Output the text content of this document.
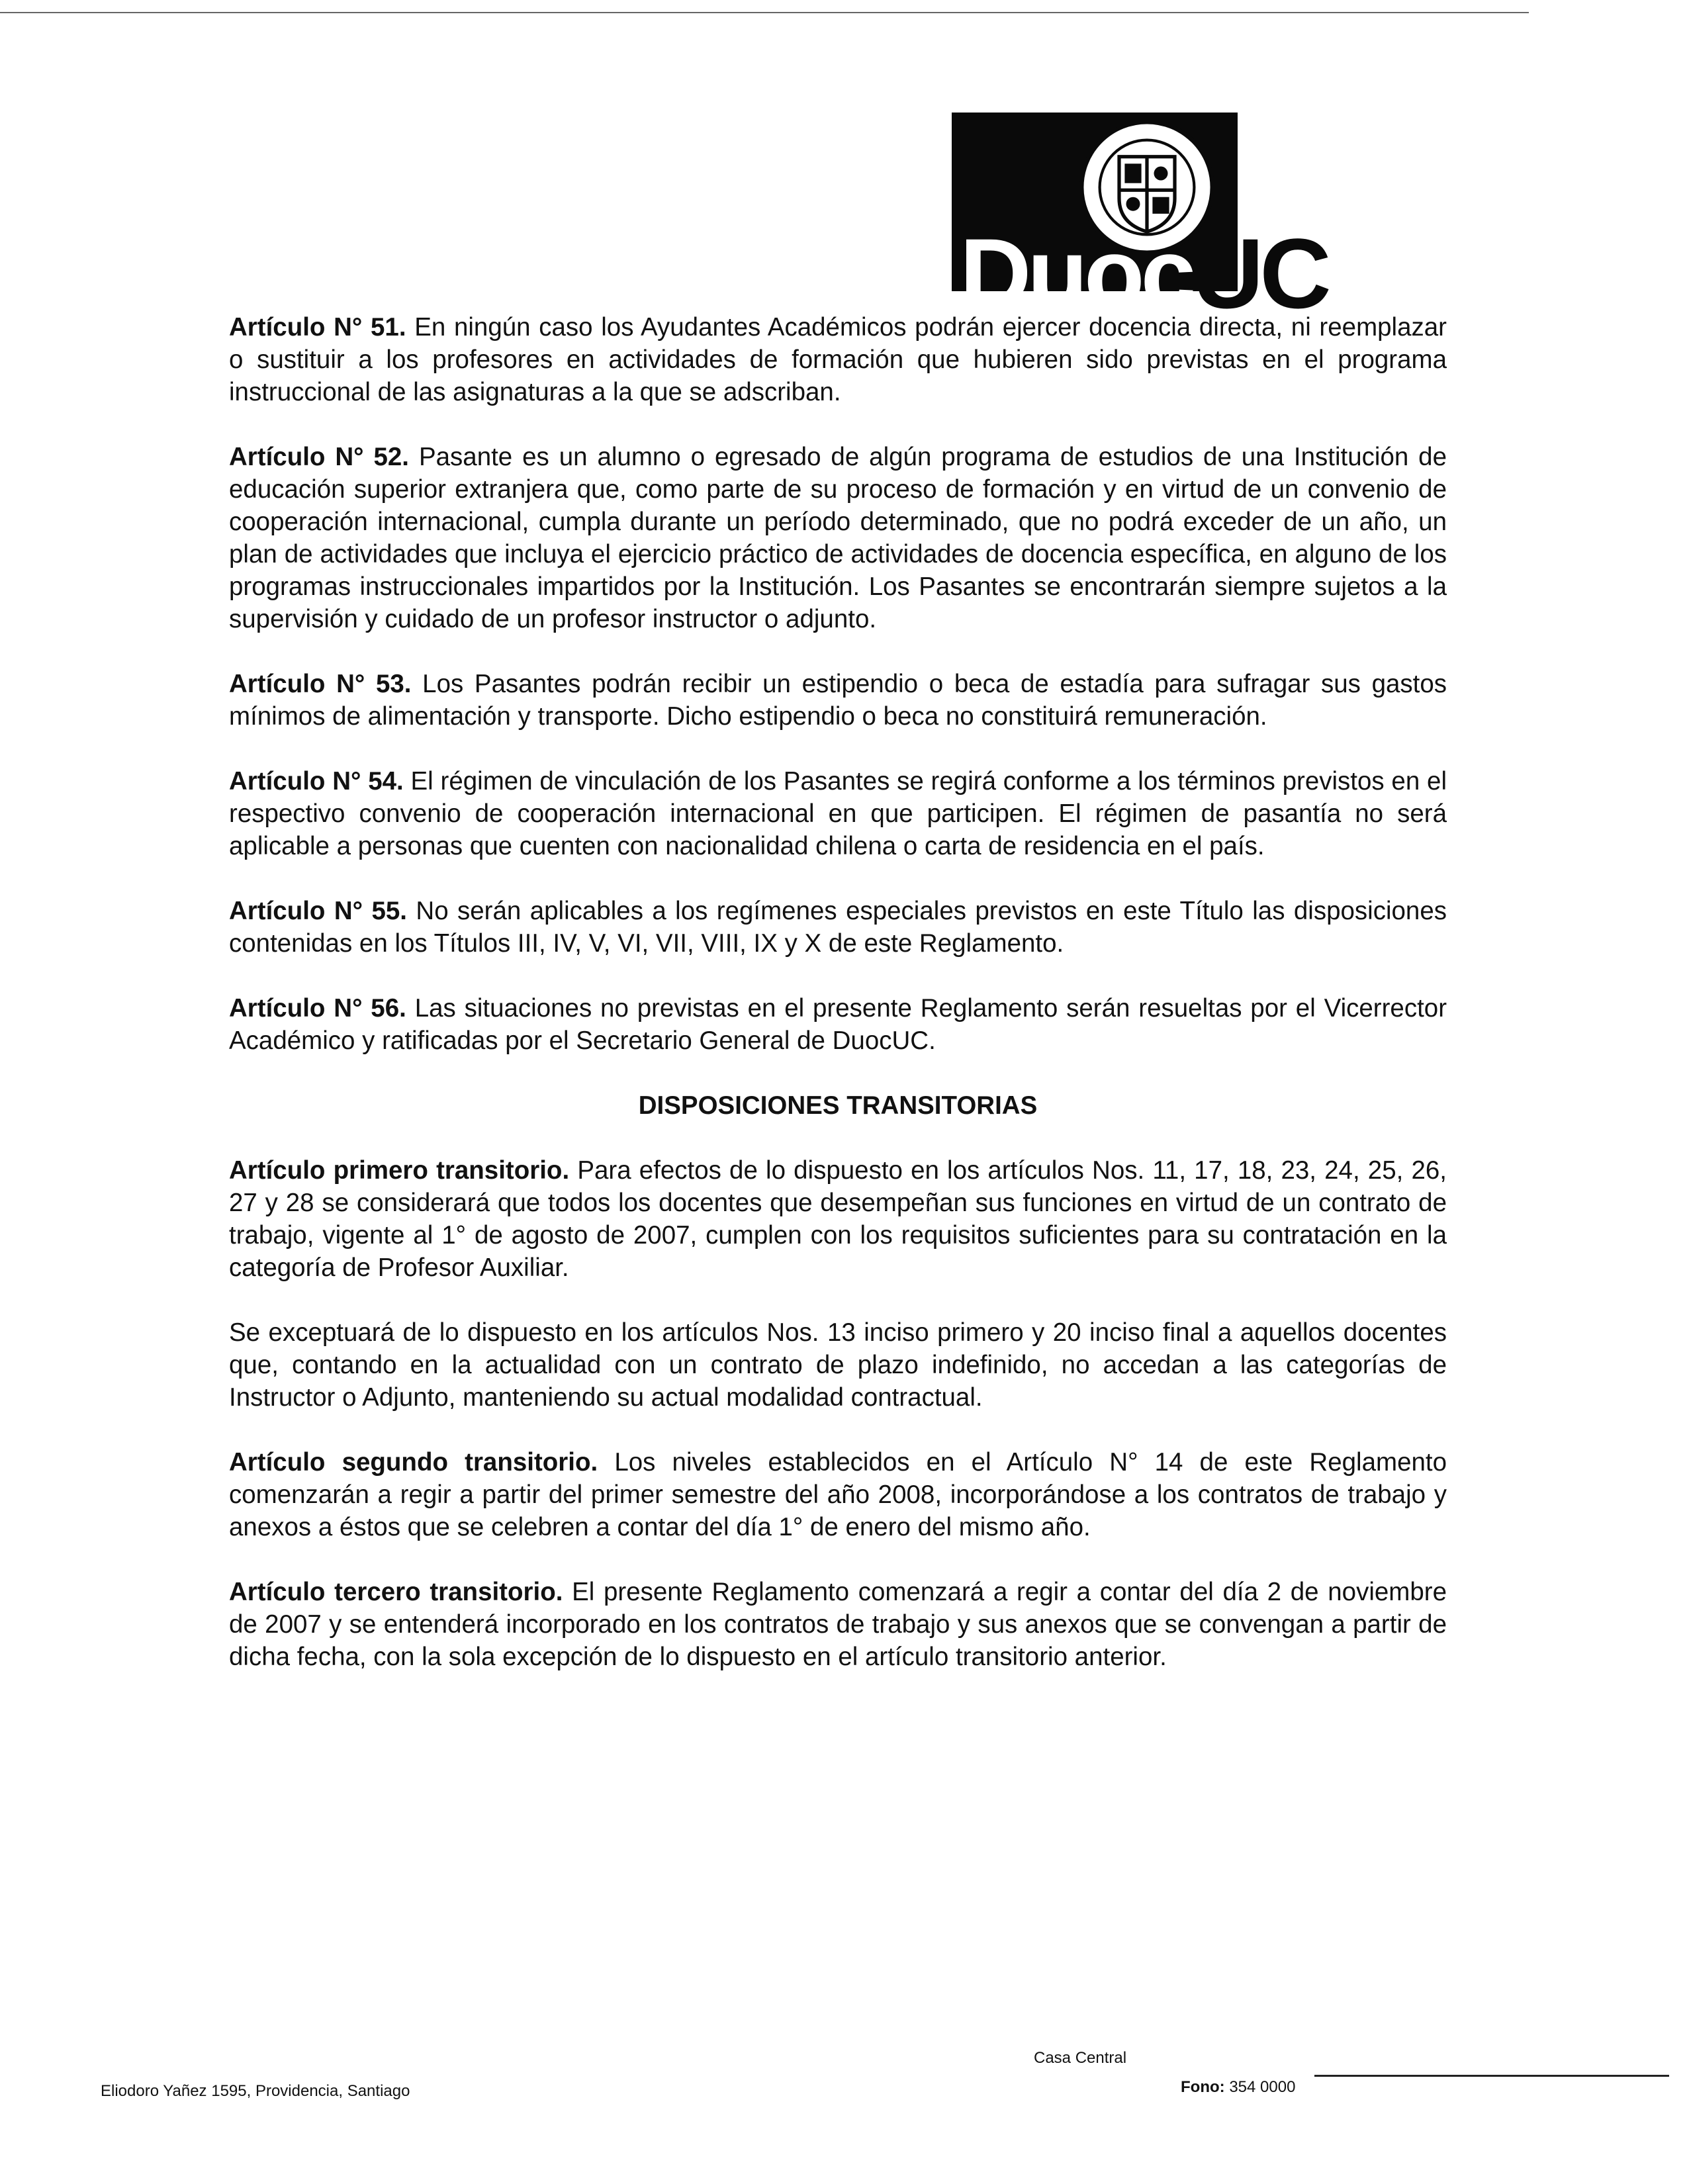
DuocUC

Artículo N° 51. En ningún caso los Ayudantes Académicos podrán ejercer docencia directa, ni reemplazar o sustituir a los profesores en actividades de formación que hubieren sido previstas en el programa instruccional de las asignaturas a la que se adscriban.

Artículo N° 52. Pasante es un alumno o egresado de algún programa de estudios de una Institución de educación superior extranjera que, como parte de su proceso de formación y en virtud de un convenio de cooperación internacional, cumpla durante un período determinado, que no podrá exceder de un año, un plan de actividades que incluya el ejercicio práctico de actividades de docencia específica, en alguno de los programas instruccionales impartidos por la Institución. Los Pasantes se encontrarán siempre sujetos a la supervisión y cuidado de un profesor instructor o adjunto.

Artículo N° 53. Los Pasantes podrán recibir un estipendio o beca de estadía para sufragar sus gastos mínimos de alimentación y transporte. Dicho estipendio o beca no constituirá remuneración.

Artículo N° 54. El régimen de vinculación de los Pasantes se regirá conforme a los términos previstos en el respectivo convenio de cooperación internacional en que participen. El régimen de pasantía no será aplicable a personas que cuenten con nacionalidad chilena o carta de residencia en el país.

Artículo N° 55. No serán aplicables a los regímenes especiales previstos en este Título las disposiciones contenidas en los Títulos III, IV, V, VI, VII, VIII, IX y X de este Reglamento.

Artículo N° 56. Las situaciones no previstas en el presente Reglamento serán resueltas por el Vicerrector Académico y ratificadas por el Secretario General de DuocUC.

DISPOSICIONES TRANSITORIAS

Artículo primero transitorio. Para efectos de lo dispuesto en los artículos Nos. 11, 17, 18, 23, 24, 25, 26, 27 y 28 se considerará que todos los docentes que desempeñan sus funciones en virtud de un contrato de trabajo, vigente al 1° de agosto de 2007, cumplen con los requisitos suficientes para su contratación en la categoría de Profesor Auxiliar.

Se exceptuará de lo dispuesto en los artículos Nos. 13 inciso primero y 20 inciso final a aquellos docentes que, contando en la actualidad con un contrato de plazo indefinido, no accedan a las categorías de Instructor o Adjunto, manteniendo su actual modalidad contractual.

Artículo segundo transitorio. Los niveles establecidos en el Artículo N° 14 de este Reglamento comenzarán a regir a partir del primer semestre del año 2008, incorporándose a los contratos de trabajo y anexos a éstos que se celebren a contar del día 1° de enero del mismo año.

Artículo tercero transitorio. El presente Reglamento comenzará a regir a contar del día 2 de noviembre de 2007 y se entenderá incorporado en los contratos de trabajo y sus anexos que se convengan a partir de dicha fecha, con la sola excepción de lo dispuesto en el artículo transitorio anterior.

Casa Central
Eliodoro Yañez 1595, Providencia, Santiago	Fono: 354 0000
